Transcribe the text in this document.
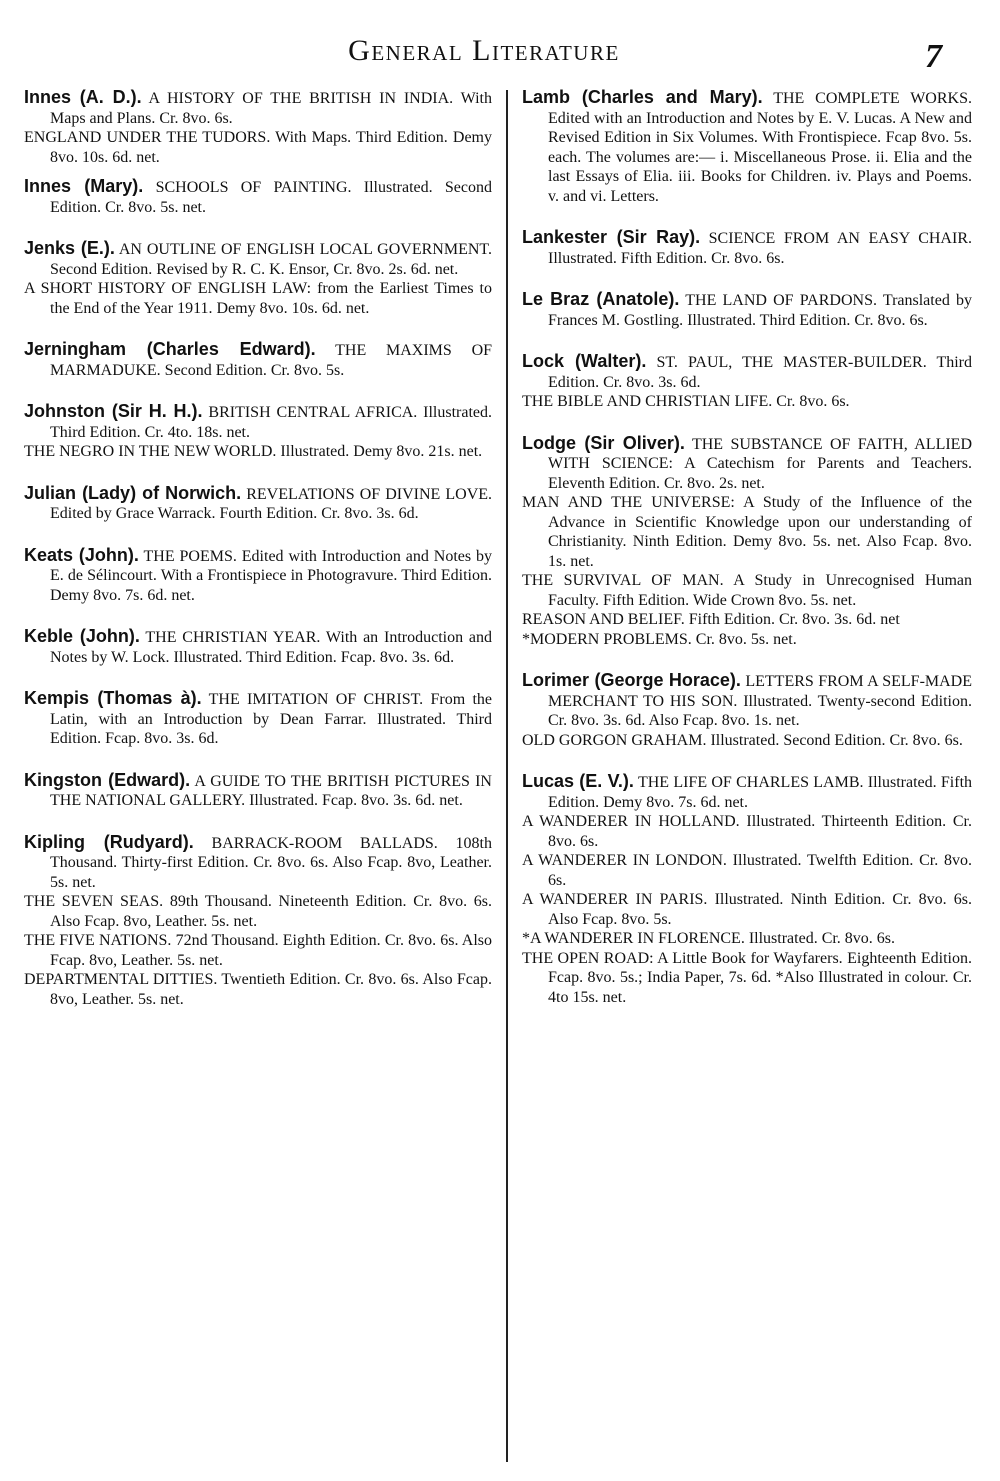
General Literature	7

Innes (A. D.). A HISTORY OF THE BRITISH IN INDIA. With Maps and Plans. Cr. 8vo. 6s.

ENGLAND UNDER THE TUDORS. With Maps. Third Edition. Demy 8vo. 10s. 6d. net.

Innes (Mary). SCHOOLS OF PAINTING. Illustrated. Second Edition. Cr. 8vo. 5s. net.

Jenks (E.). AN OUTLINE OF ENGLISH LOCAL GOVERNMENT. Second Edition. Revised by R. C. K. Ensor, Cr. 8vo. 2s. 6d. net.

A SHORT HISTORY OF ENGLISH LAW: from the Earliest Times to the End of the Year 1911. Demy 8vo. 10s. 6d. net.

Jerningham (Charles Edward). THE MAXIMS OF MARMADUKE. Second Edition. Cr. 8vo. 5s.

Johnston (Sir H. H.). BRITISH CENTRAL AFRICA. Illustrated. Third Edition. Cr. 4to. 18s. net.

THE NEGRO IN THE NEW WORLD. Illustrated. Demy 8vo. 21s. net.

Julian (Lady) of Norwich. REVELATIONS OF DIVINE LOVE. Edited by Grace Warrack. Fourth Edition. Cr. 8vo. 3s. 6d.

Keats (John). THE POEMS. Edited with Introduction and Notes by E. de Sélincourt. With a Frontispiece in Photogravure. Third Edition. Demy 8vo. 7s. 6d. net.

Keble (John). THE CHRISTIAN YEAR. With an Introduction and Notes by W. Lock. Illustrated. Third Edition. Fcap. 8vo. 3s. 6d.

Kempis (Thomas à). THE IMITATION OF CHRIST. From the Latin, with an Introduction by Dean Farrar. Illustrated. Third Edition. Fcap. 8vo. 3s. 6d.

Kingston (Edward). A GUIDE TO THE BRITISH PICTURES IN THE NATIONAL GALLERY. Illustrated. Fcap. 8vo. 3s. 6d. net.

Kipling (Rudyard). BARRACK-ROOM BALLADS. 108th Thousand. Thirty-first Edition. Cr. 8vo. 6s. Also Fcap. 8vo, Leather. 5s. net.

THE SEVEN SEAS. 89th Thousand. Nineteenth Edition. Cr. 8vo. 6s. Also Fcap. 8vo, Leather. 5s. net.

THE FIVE NATIONS. 72nd Thousand. Eighth Edition. Cr. 8vo. 6s. Also Fcap. 8vo, Leather. 5s. net.

DEPARTMENTAL DITTIES. Twentieth Edition. Cr. 8vo. 6s. Also Fcap. 8vo, Leather. 5s. net.

Lamb (Charles and Mary). THE COMPLETE WORKS. Edited with an Introduction and Notes by E. V. Lucas. A New and Revised Edition in Six Volumes. With Frontispiece. Fcap 8vo. 5s. each. The volumes are:— i. Miscellaneous Prose. ii. Elia and the last Essays of Elia. iii. Books for Children. iv. Plays and Poems. v. and vi. Letters.

Lankester (Sir Ray). SCIENCE FROM AN EASY CHAIR. Illustrated. Fifth Edition. Cr. 8vo. 6s.

Le Braz (Anatole). THE LAND OF PARDONS. Translated by Frances M. Gostling. Illustrated. Third Edition. Cr. 8vo. 6s.

Lock (Walter). ST. PAUL, THE MASTER-BUILDER. Third Edition. Cr. 8vo. 3s. 6d.

THE BIBLE AND CHRISTIAN LIFE. Cr. 8vo. 6s.

Lodge (Sir Oliver). THE SUBSTANCE OF FAITH, ALLIED WITH SCIENCE: A Catechism for Parents and Teachers. Eleventh Edition. Cr. 8vo. 2s. net.

MAN AND THE UNIVERSE: A Study of the Influence of the Advance in Scientific Knowledge upon our understanding of Christianity. Ninth Edition. Demy 8vo. 5s. net. Also Fcap. 8vo. 1s. net.

THE SURVIVAL OF MAN. A Study in Unrecognised Human Faculty. Fifth Edition. Wide Crown 8vo. 5s. net.

REASON AND BELIEF. Fifth Edition. Cr. 8vo. 3s. 6d. net

*MODERN PROBLEMS. Cr. 8vo. 5s. net.

Lorimer (George Horace). LETTERS FROM A SELF-MADE MERCHANT TO HIS SON. Illustrated. Twenty-second Edition. Cr. 8vo. 3s. 6d. Also Fcap. 8vo. 1s. net.

OLD GORGON GRAHAM. Illustrated. Second Edition. Cr. 8vo. 6s.

Lucas (E. V.). THE LIFE OF CHARLES LAMB. Illustrated. Fifth Edition. Demy 8vo. 7s. 6d. net.

A WANDERER IN HOLLAND. Illustrated. Thirteenth Edition. Cr. 8vo. 6s.

A WANDERER IN LONDON. Illustrated. Twelfth Edition. Cr. 8vo. 6s.

A WANDERER IN PARIS. Illustrated. Ninth Edition. Cr. 8vo. 6s. Also Fcap. 8vo. 5s.

*A WANDERER IN FLORENCE. Illustrated. Cr. 8vo. 6s.

THE OPEN ROAD: A Little Book for Wayfarers. Eighteenth Edition. Fcap. 8vo. 5s.; India Paper, 7s. 6d. *Also Illustrated in colour. Cr. 4to 15s. net.
